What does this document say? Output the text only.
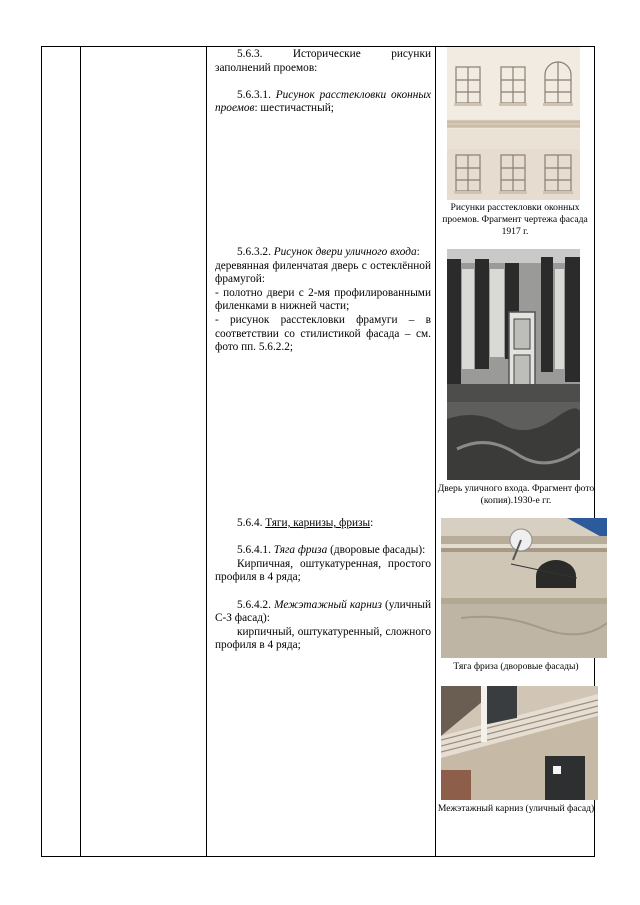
5.6.3.	Исторические рисунки заполнений проемов:

5.6.3.1. Рисунок расстекловки оконных проемов: шестичастный;

5.6.3.2. Рисунок двери уличного входа:

деревянная филенчатая дверь с остеклённой фрамугой:

- полотно двери с 2-мя профилированными филенками в нижней части;

- рисунок расстекловки фрамуги – в соответствии со стилистикой фасада – см. фото пп. 5.6.2.2;

5.6.4. Тяги, карнизы, фризы:

5.6.4.1. Тяга фриза (дворовые фасады):

Кирпичная, оштукатуренная, простого профиля в 4 ряда;

5.6.4.2. Межэтажный карниз (уличный С-З фасад):

кирпичный, оштукатуренный, сложного профиля в 4 ряда;

Рисунки расстекловки оконных проемов. Фрагмент чертежа фасада 1917 г.
Дверь уличного входа. Фрагмент фото (копия).1930-е гг.
Тяга фриза (дворовые фасады)
Межэтажный карниз (уличный фасад)
